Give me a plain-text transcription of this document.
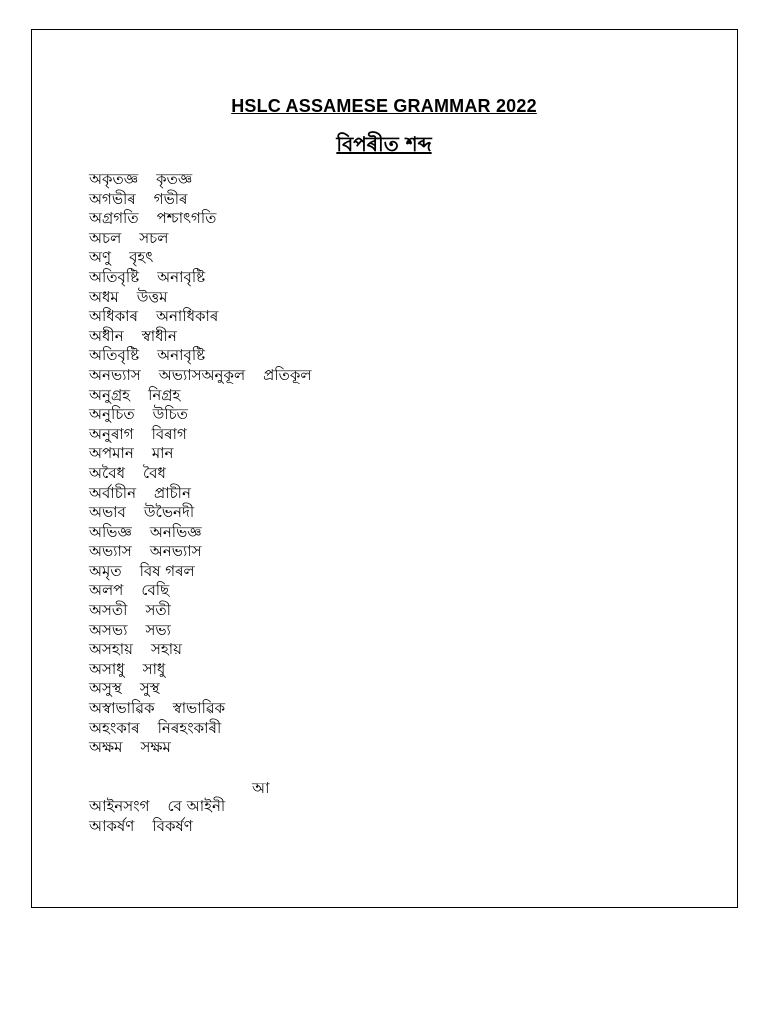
HSLC ASSAMESE GRAMMAR 2022
বিপৰীত শব্দ
অকৃতজ্ঞ কৃতজ্ঞ
অগভীৰ গভীৰ
অগ্ৰগতি পশ্চাৎগতি
অচল সচল
অণু বৃহৎ
অতিবৃষ্টি অনাবৃষ্টি
অধম উত্তম
অধিকাৰ অনাধিকাৰ
অধীন স্বাধীন
অতিবৃষ্টি অনাবৃষ্টি
অনভ্যাস অভ্যাসঅনুকূল প্ৰতিকূল
অনুগ্ৰহ নিগ্ৰহ
অনুচিত উচিত
অনুৰাগ বিৰাগ
অপমান মান
অবৈধ বৈধ
অৰ্বাচীন প্ৰাচীন
অভাব উভৈনদী
অভিজ্ঞ অনভিজ্ঞ
অভ্যাস অনভ্যাস
অমৃত বিষ গৰল
অলপ বেছি
অসতী সতী
অসভ্য সভ্য
অসহায় সহায়
অসাধু সাধু
অসুস্থ সুস্থ
অস্বাভাৱিক স্বাভাৱিক
অহংকাৰ নিৰহংকাৰী
অক্ষম সক্ষম
আ
আইনসংগ বে আইনী
আকৰ্ষণ বিকৰ্ষণ
